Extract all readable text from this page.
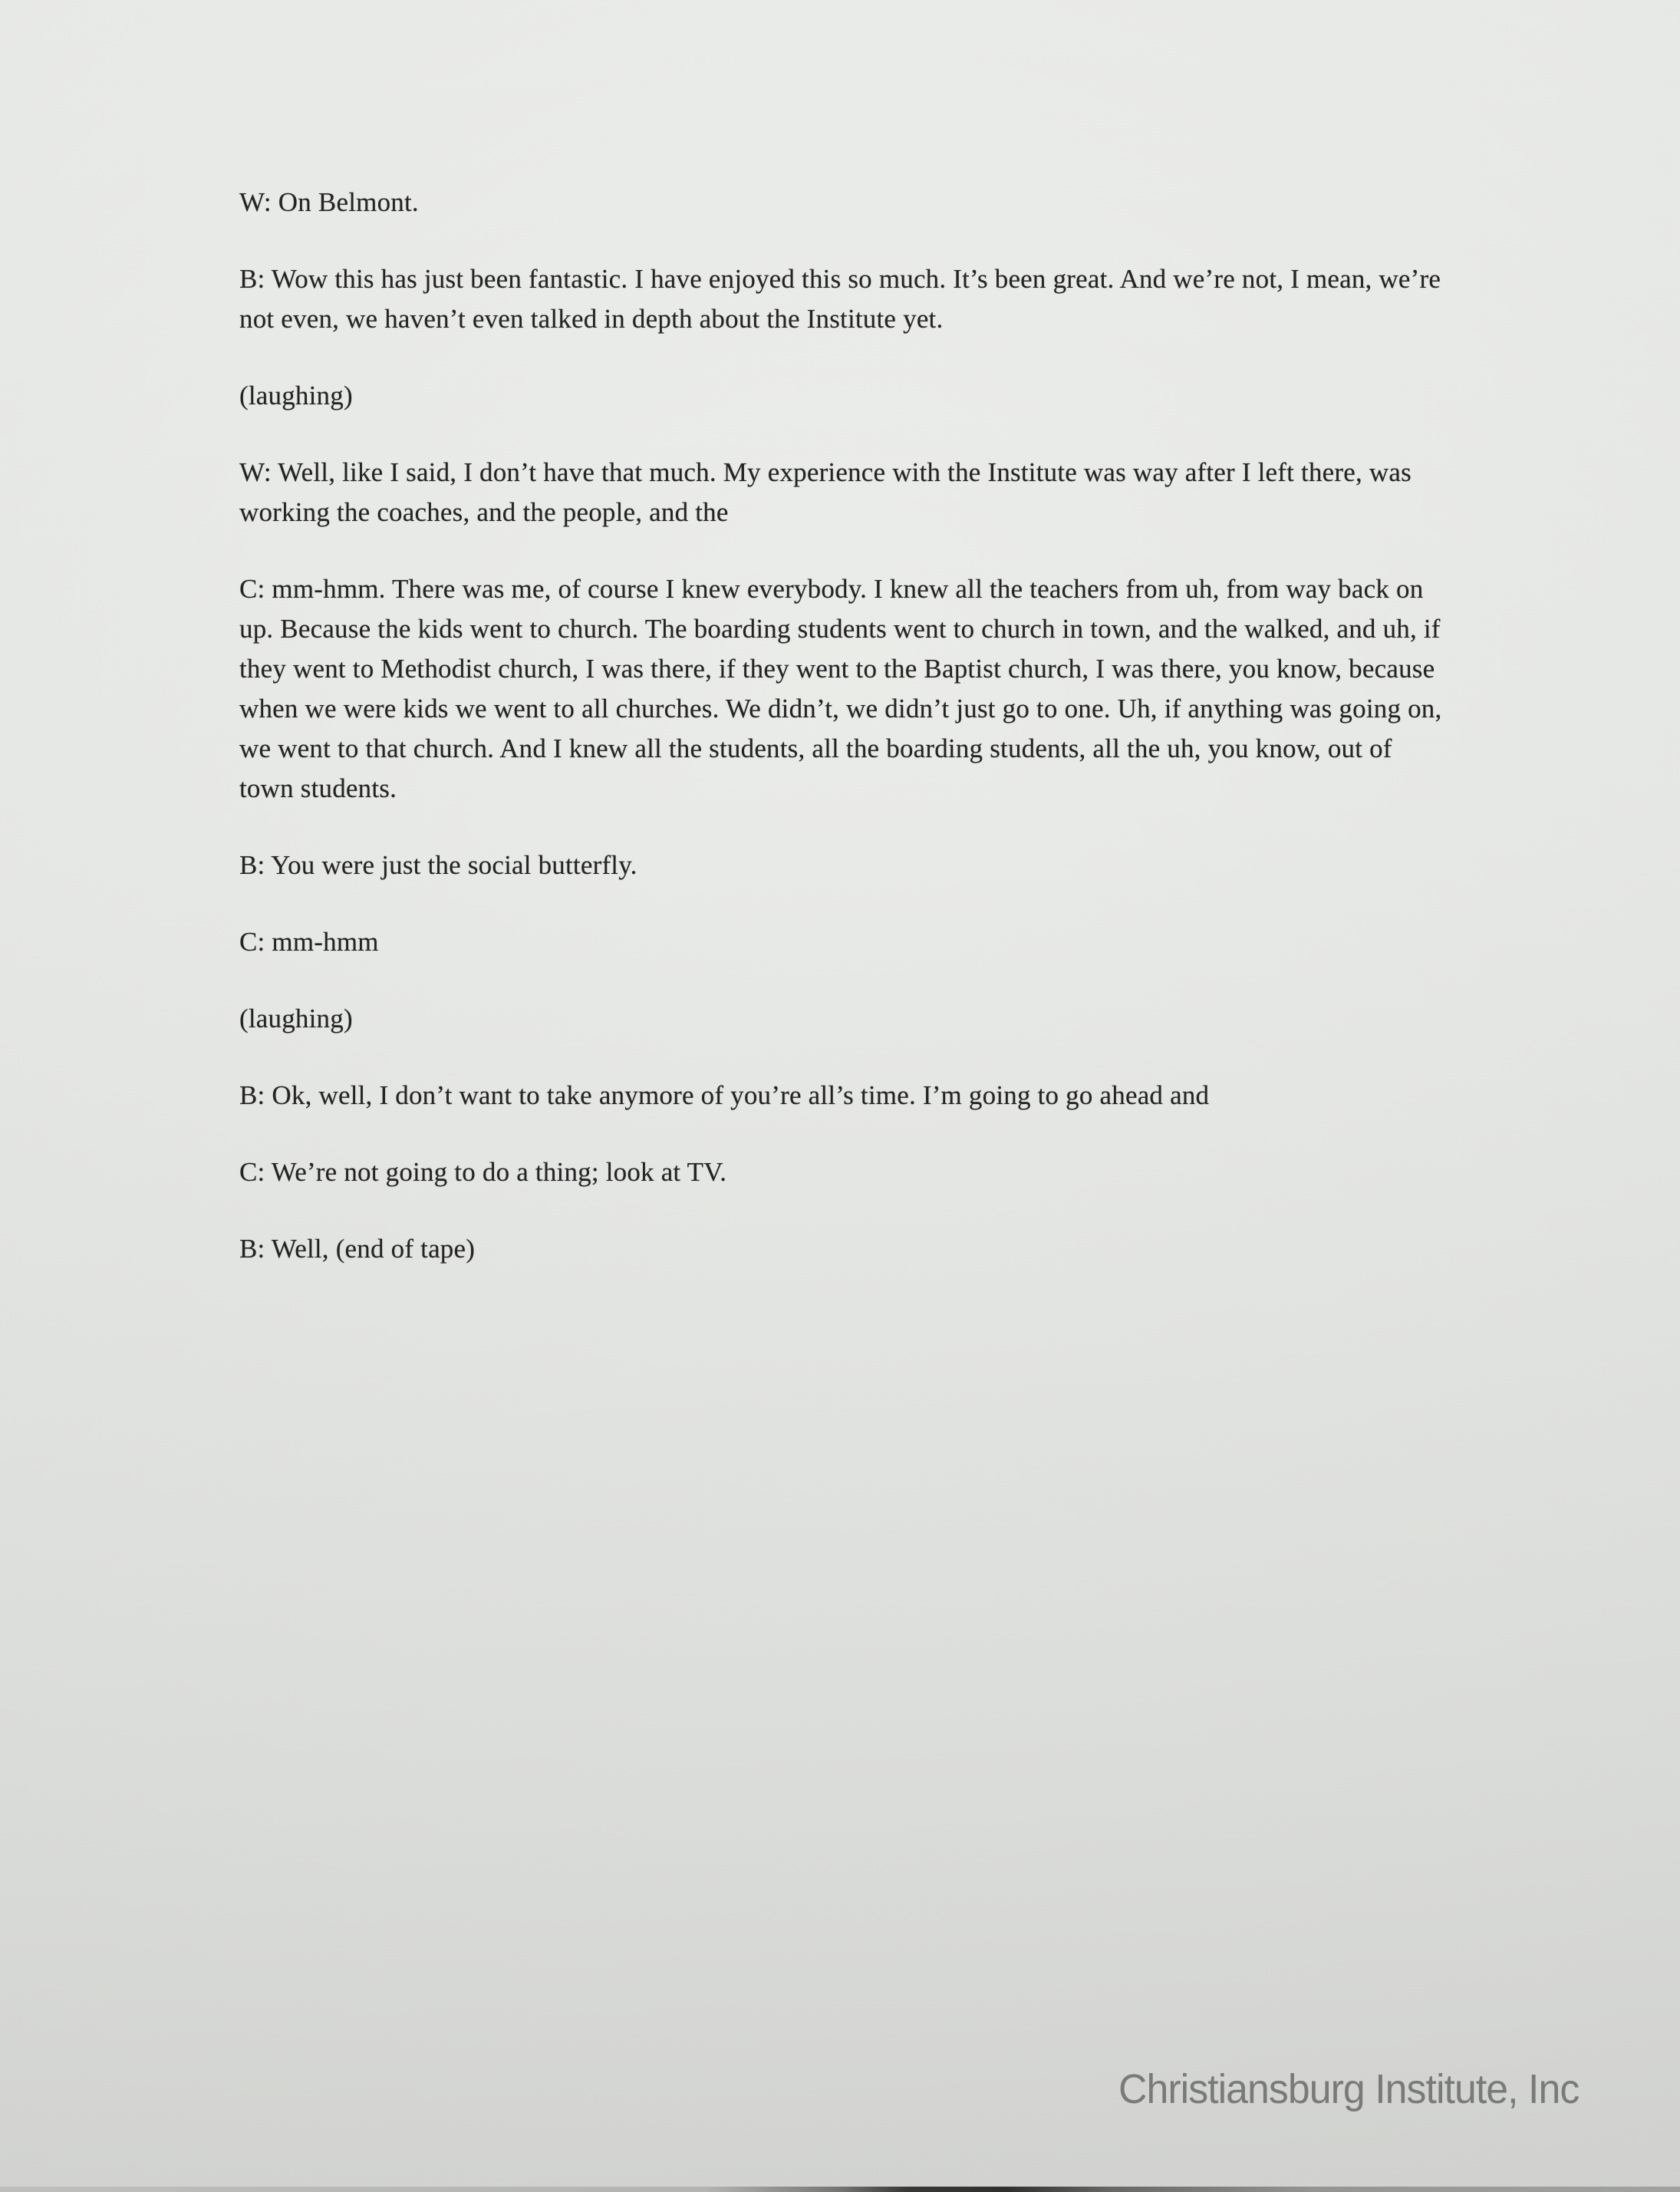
W: On Belmont.

B: Wow this has just been fantastic. I have enjoyed this so much. It’s been great. And we’re not, I mean, we’re not even, we haven’t even talked in depth about the Institute yet.

(laughing)

W: Well, like I said, I don’t have that much. My experience with the Institute was way after I left there, was working the coaches, and the people, and the

C: mm-hmm. There was me, of course I knew everybody. I knew all the teachers from uh, from way back on up. Because the kids went to church. The boarding students went to church in town, and the walked, and uh, if they went to Methodist church, I was there, if they went to the Baptist church, I was there, you know, because when we were kids we went to all churches. We didn’t, we didn’t just go to one. Uh, if anything was going on, we went to that church. And I knew all the students, all the boarding students, all the uh, you know, out of town students.

B: You were just the social butterfly.

C: mm-hmm

(laughing)

B: Ok, well, I don’t want to take anymore of you’re all’s time. I’m going to go ahead and

C: We’re not going to do a thing; look at TV.

B: Well, (end of tape)

Christiansburg Institute, Inc
